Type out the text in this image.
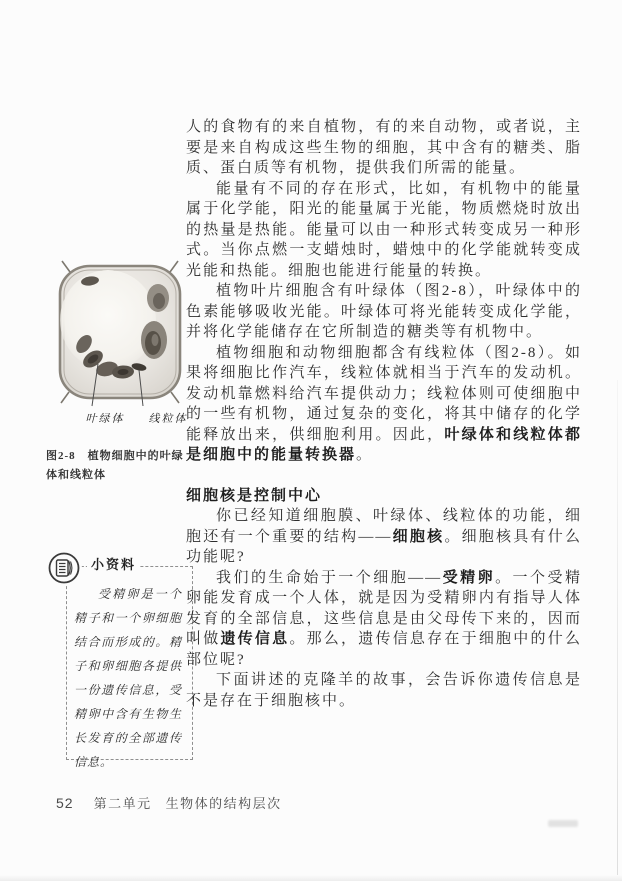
叶绿体 线粒体
图2-8　植物细胞中的叶绿体和线粒体
小资料
受精卵是一个精子和一个卵细胞结合而形成的。精子和卵细胞各提供一份遗传信息，受精卵中含有生物生长发育的全部遗传信息。

人的食物有的来自植物，有的来自动物，或者说，主要是来自构成这些生物的细胞，其中含有的糖类、脂质、蛋白质等有机物，提供我们所需的能量。

能量有不同的存在形式，比如，有机物中的能量属于化学能，阳光的能量属于光能，物质燃烧时放出的热量是热能。能量可以由一种形式转变成另一种形式。当你点燃一支蜡烛时，蜡烛中的化学能就转变成光能和热能。细胞也能进行能量的转换。

植物叶片细胞含有叶绿体（图2-8），叶绿体中的色素能够吸收光能。叶绿体可将光能转变成化学能，并将化学能储存在它所制造的糖类等有机物中。

植物细胞和动物细胞都含有线粒体（图2-8）。如果将细胞比作汽车，线粒体就相当于汽车的发动机。发动机靠燃料给汽车提供动力；线粒体则可使细胞中的一些有机物，通过复杂的变化，将其中储存的化学能释放出来，供细胞利用。因此，叶绿体和线粒体都是细胞中的能量转换器。

细胞核是控制中心

你已经知道细胞膜、叶绿体、线粒体的功能，细胞还有一个重要的结构——细胞核。细胞核具有什么功能呢?

我们的生命始于一个细胞——受精卵。一个受精卵能发育成一个人体，就是因为受精卵内有指导人体发育的全部信息，这些信息是由父母传下来的，因而叫做遗传信息。那么，遗传信息存在于细胞中的什么部位呢?

下面讲述的克隆羊的故事，会告诉你遗传信息是不是存在于细胞核中。

52 第二单元 生物体的结构层次
